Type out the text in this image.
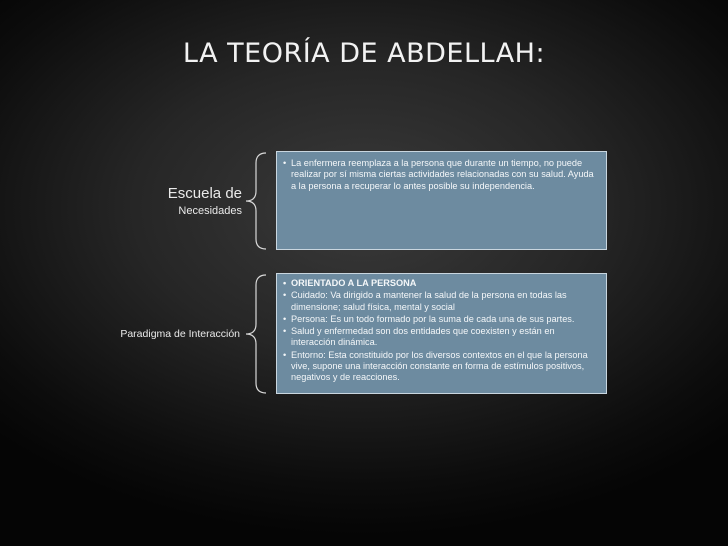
LA TEORÍA DE ABDELLAH:
Escuela de
Necesidades
• La enfermera reemplaza a la persona que durante un tiempo, no puede realizar por sí misma ciertas actividades relacionadas con su salud. Ayuda a la persona a recuperar lo antes posible su independencia.
Paradigma de Interacción
• ORIENTADO A LA PERSONA
• Cuidado: Va dirigido a mantener la salud de la persona en todas las dimensione; salud física, mental y social
• Persona: Es un todo formado por la suma de cada una de sus partes.
• Salud y enfermedad son dos entidades que coexisten y están en interacción dinámica.
• Entorno: Esta constituido por los diversos contextos en el que la persona vive, supone una interacción constante en forma de estímulos positivos, negativos y de reacciones.
